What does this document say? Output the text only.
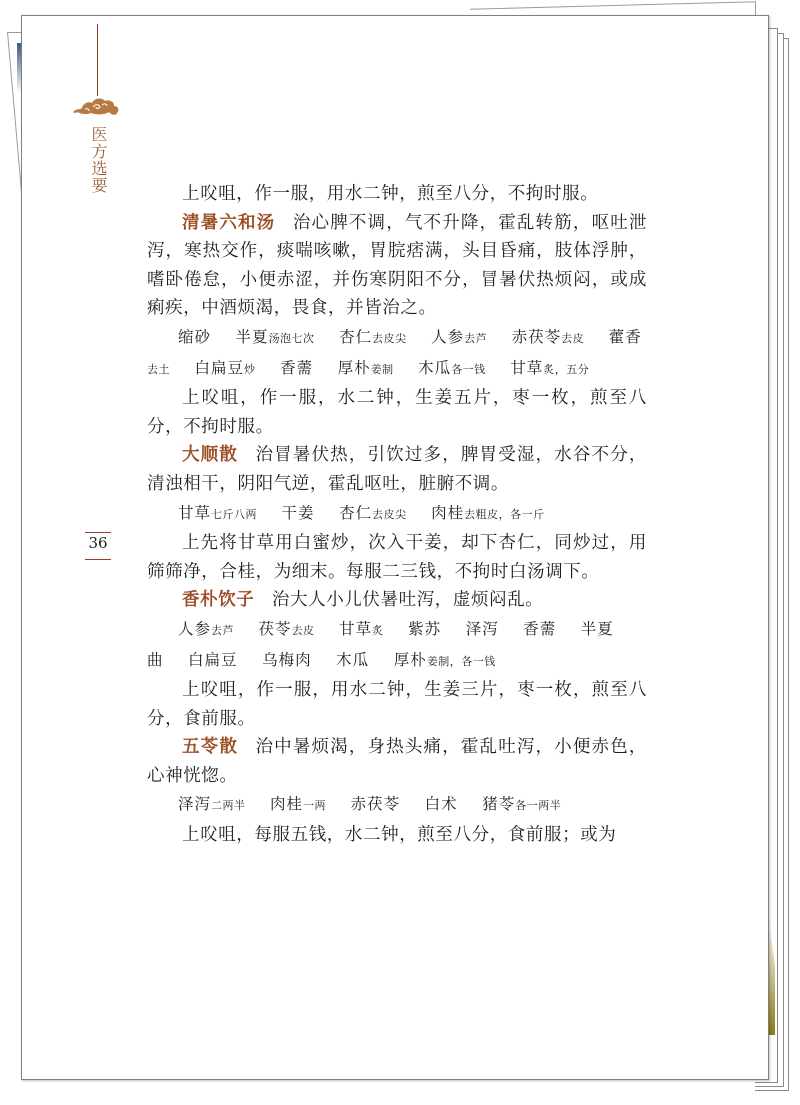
医方选要
36

上㕮咀，作一服，用水二钟，煎至八分，不拘时服。

清暑六和汤 治心脾不调，气不升降，霍乱转筋，呕吐泄泻，寒热交作，痰喘咳嗽，胃脘痞满，头目昏痛，肢体浮肿，嗜卧倦怠，小便赤涩，并伤寒阴阳不分，冒暑伏热烦闷，或成痢疾，中酒烦渴，畏食，并皆治之。

缩砂 半夏汤泡七次 杏仁去皮尖 人参去芦 赤茯苓去皮 藿香去土 白扁豆炒 香薷 厚朴姜制 木瓜各一钱 甘草炙，五分

上㕮咀，作一服，水二钟，生姜五片，枣一枚，煎至八分，不拘时服。

大顺散 治冒暑伏热，引饮过多，脾胃受湿，水谷不分，清浊相干，阴阳气逆，霍乱呕吐，脏腑不调。

甘草七斤八两 干姜 杏仁去皮尖 肉桂去粗皮，各一斤

上先将甘草用白蜜炒，次入干姜，却下杏仁，同炒过，用筛筛净，合桂，为细末。每服二三钱，不拘时白汤调下。

香朴饮子 治大人小儿伏暑吐泻，虚烦闷乱。

人参去芦 茯苓去皮 甘草炙 紫苏 泽泻 香薷 半夏曲 白扁豆 乌梅肉 木瓜 厚朴姜制，各一钱

上㕮咀，作一服，用水二钟，生姜三片，枣一枚，煎至八分，食前服。

五苓散 治中暑烦渴，身热头痛，霍乱吐泻，小便赤色，心神恍惚。

泽泻二两半 肉桂一两 赤茯苓 白术 猪苓各一两半

上㕮咀，每服五钱，水二钟，煎至八分，食前服；或为
